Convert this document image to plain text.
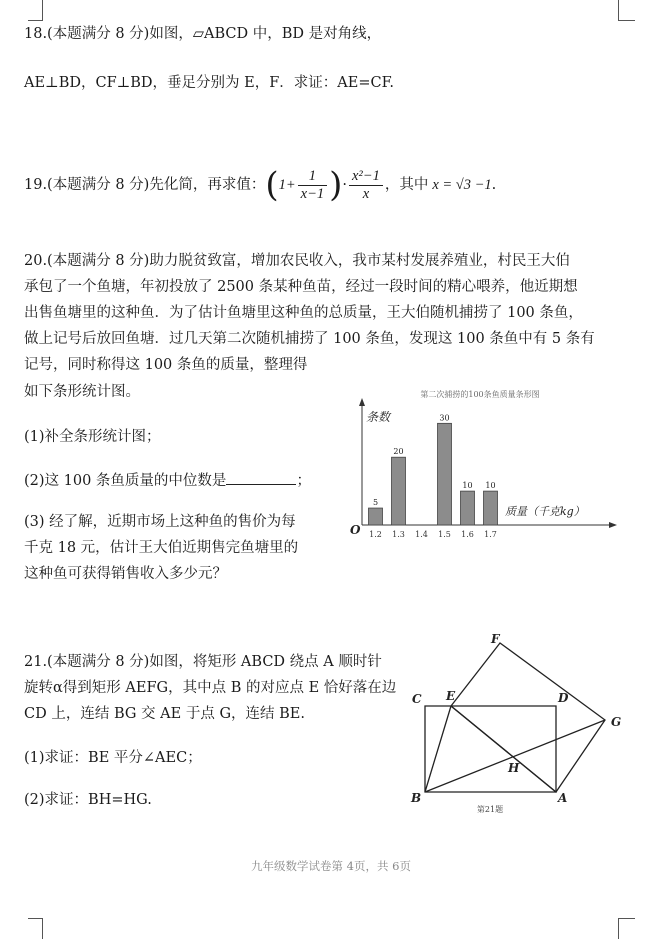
18.(本题满分 8 分)如图，▱ABCD 中，BD 是对角线，
AE⊥BD，CF⊥BD，垂足分别为 E，F．求证：AE=CF.
19.(本题满分 8 分)先化简，再求值： ( $1+ \frac{1}{x-1}$ ) · $\frac{\text{x²−1}}{x}$ ，其中 x = √3 −1 .
20.(本题满分 8 分)助力脱贫致富，增加农民收入，我市某村发展养殖业，村民王大伯
承包了一个鱼塘，年初投放了 2500 条某种鱼苗，经过一段时间的精心喂养，他近期想
出售鱼塘里的这种鱼．为了估计鱼塘里这种鱼的总质量，王大伯随机捕捞了 100 条鱼，
做上记号后放回鱼塘．过几天第二次随机捕捞了 100 条鱼，发现这 100 条鱼中有 5 条有
记号，同时称得这 100 条鱼的质量，整理得
如下条形统计图。
(1)补全条形统计图；
(2)这 100 条鱼质量的中位数是	；
(3) 经了解，近期市场上这种鱼的售价为每
千克 18 元，估计王大伯近期售完鱼塘里的
这种鱼可获得销售收入多少元？
第二次捕捞的100条鱼质量条形图
条数
质量（千克kg）
O 1.2
5
1.3
20
1.4 1.5
30
1.6
10
1.7
10
21.(本题满分 8 分)如图，将矩形 ABCD 绕点 A 顺时针
旋转α得到矩形 AEFG，其中点 B 的对应点 E 恰好落在边
CD 上，连结 BG 交 AE 于点 G，连结 BE.
(1)求证：BE 平分∠AEC；
(2)求证：BH=HG.
F
C E	D
G
H
B	A
第21题
九年级数学试卷第 4页，共 6页
